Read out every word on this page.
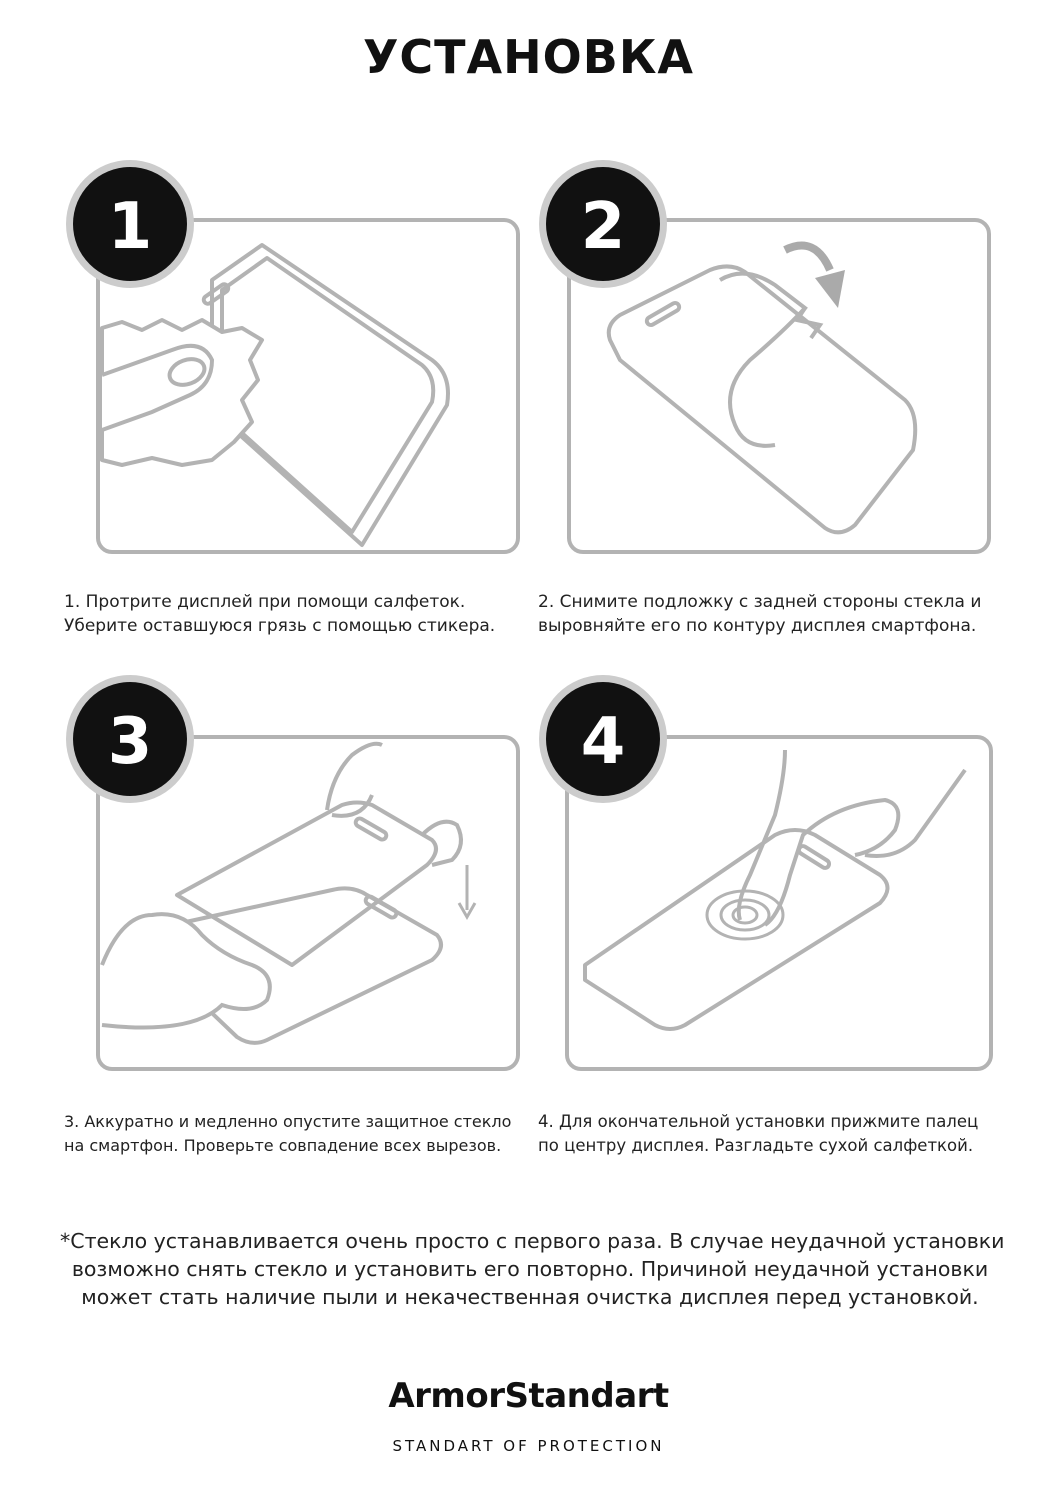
УСТАНОВКА
1	2
1. Протрите дисплей при помощи салфеток.
Уберите оставшуюся грязь с помощью стикера.
2. Снимите подложку с задней стороны стекла и
выровняйте его по контуру дисплея смартфона.
3	4
3. Аккуратно и медленно опустите защитное стекло
на смартфон. Проверьте совпадение всех вырезов.
4. Для окончательной установки прижмите палец
по центру дисплея. Разгладьте сухой салфеткой.
*Стекло устанавливается очень просто с первого раза. В случае неудачной установки
возможно снять стекло и установить его повторно. Причиной неудачной установки
может стать наличие пыли и некачественная очистка дисплея перед установкой.
ArmorStandart
STANDART OF PROTECTION
